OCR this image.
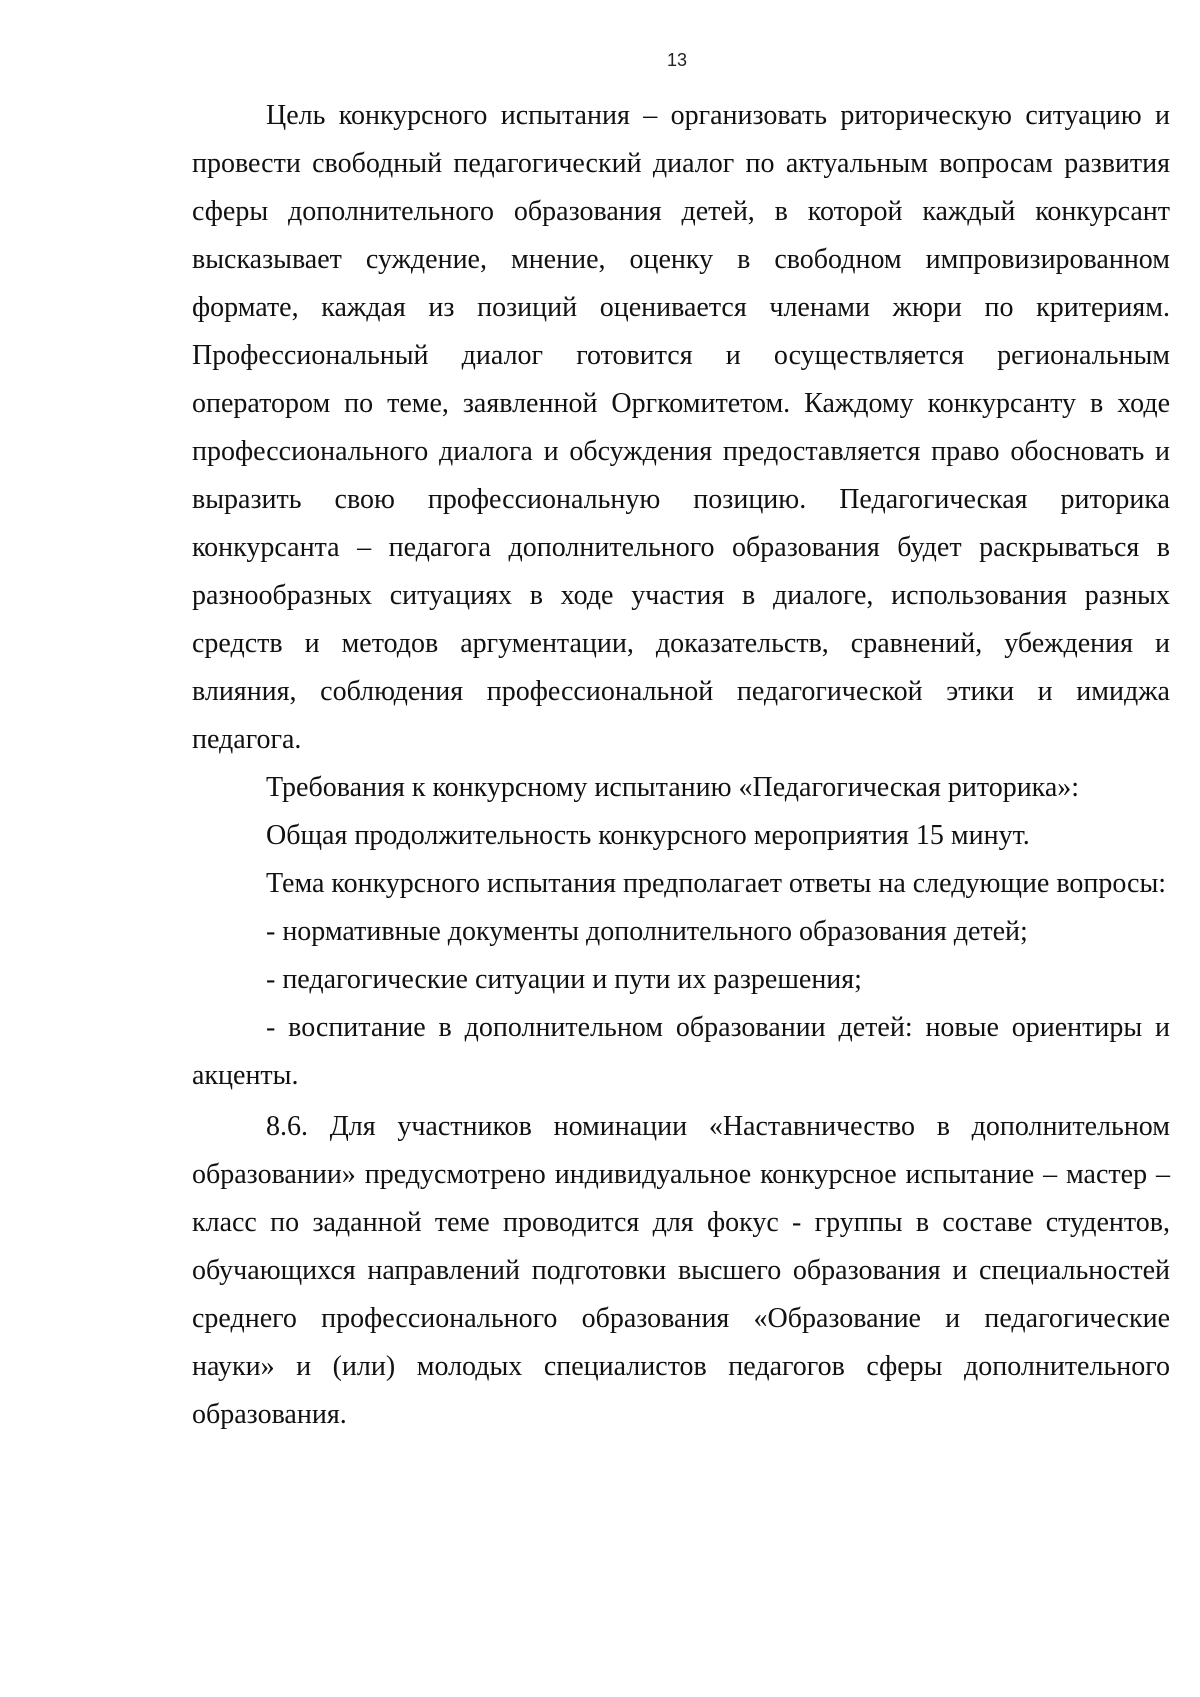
13

Цель конкурсного испытания – организовать риторическую ситуацию и провести свободный педагогический диалог по актуальным вопросам развития сферы дополнительного образования детей, в которой каждый конкурсант высказывает суждение, мнение, оценку в свободном импровизированном формате, каждая из позиций оценивается членами жюри по критериям. Профессиональный диалог готовится и осуществляется региональным оператором по теме, заявленной Оргкомитетом. Каждому конкурсанту в ходе профессионального диалога и обсуждения предоставляется право обосновать и выразить свою профессиональную позицию. Педагогическая риторика конкурсанта – педагога дополнительного образования будет раскрываться в разнообразных ситуациях в ходе участия в диалоге, использования разных средств и методов аргументации, доказательств, сравнений, убеждения и влияния, соблюдения профессиональной педагогической этики и имиджа педагога.

Требования к конкурсному испытанию «Педагогическая риторика»:

Общая продолжительность конкурсного мероприятия 15 минут.

Тема конкурсного испытания предполагает ответы на следующие вопросы:

- нормативные документы дополнительного образования детей;

- педагогические ситуации и пути их разрешения;

- воспитание в дополнительном образовании детей: новые ориентиры и акценты.

8.6. Для участников номинации «Наставничество в дополнительном образовании» предусмотрено индивидуальное конкурсное испытание – мастер – класс по заданной теме проводится для фокус - группы в составе студентов, обучающихся направлений подготовки высшего образования и специальностей среднего профессионального образования «Образование и педагогические науки» и (или) молодых специалистов педагогов сферы дополнительного образования.
